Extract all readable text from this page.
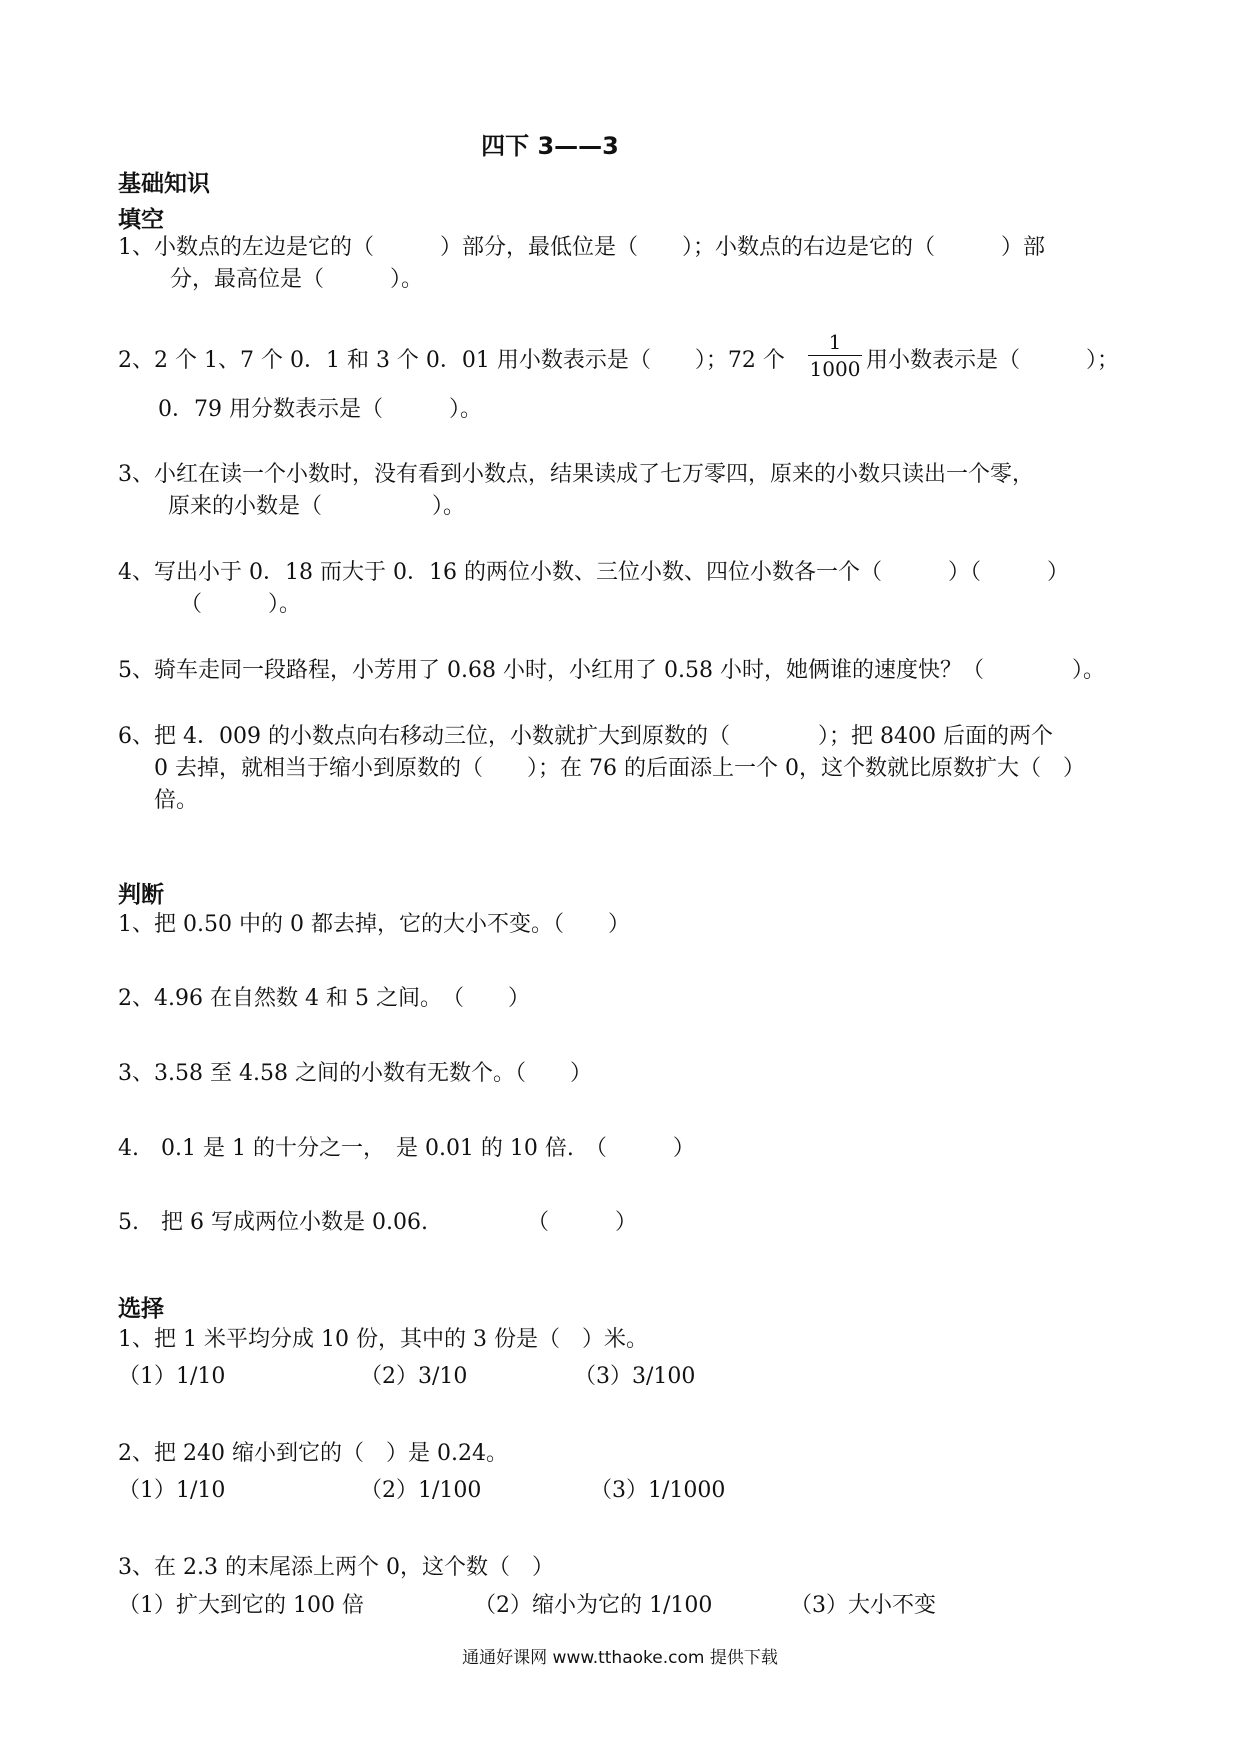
四下 3——3
基础知识
填空
1、小数点的左边是它的（　　　）部分，最低位是（　　）；小数点的右边是它的（　　　）部
分，最高位是（　　　）。
2、2 个 1、7 个 0．1 和 3 个 0．01 用小数表示是（　　）；72 个
1
1000 用小数表示是（　　　）；
0．79 用分数表示是（　　　）。
3、小红在读一个小数时，没有看到小数点，结果读成了七万零四，原来的小数只读出一个零，
原来的小数是（　　　　　）。
4、写出小于 0．18 而大于 0．16 的两位小数、三位小数、四位小数各一个（　　　）（　　　）
（　　　）。
5、骑车走同一段路程，小芳用了 0.68 小时，小红用了 0.58 小时，她俩谁的速度快？（　　　　）。
6、把 4．009 的小数点向右移动三位，小数就扩大到原数的（　　　　）；把 8400 后面的两个
0 去掉，就相当于缩小到原数的（　　）；在 76 的后面添上一个 0，这个数就比原数扩大（　）
倍。
判断
1、把 0.50 中的 0 都去掉，它的大小不变。（　　）
2、4.96 在自然数 4 和 5 之间。　（　　）
3、3.58 至 4.58 之间的小数有无数个。（　　）
4.　0.1 是 1 的十分之一，　是 0.01 的 10 倍.　（　　　）
5.　把 6 写成两位小数是 0.06.　　　　　（　　　）
选择
1、把 1 米平均分成 10 份，其中的 3 份是（　）米。
（1）1/10	（2）3/10	（3）3/100
2、把 240 缩小到它的（　）是 0.24。
（1）1/10	（2）1/100	（3）1/1000
3、在 2.3 的末尾添上两个 0，这个数（　）
（1）扩大到它的 100 倍	（2）缩小为它的 1/100	（3）大小不变
通通好课网 www.tthaoke.com 提供下载
